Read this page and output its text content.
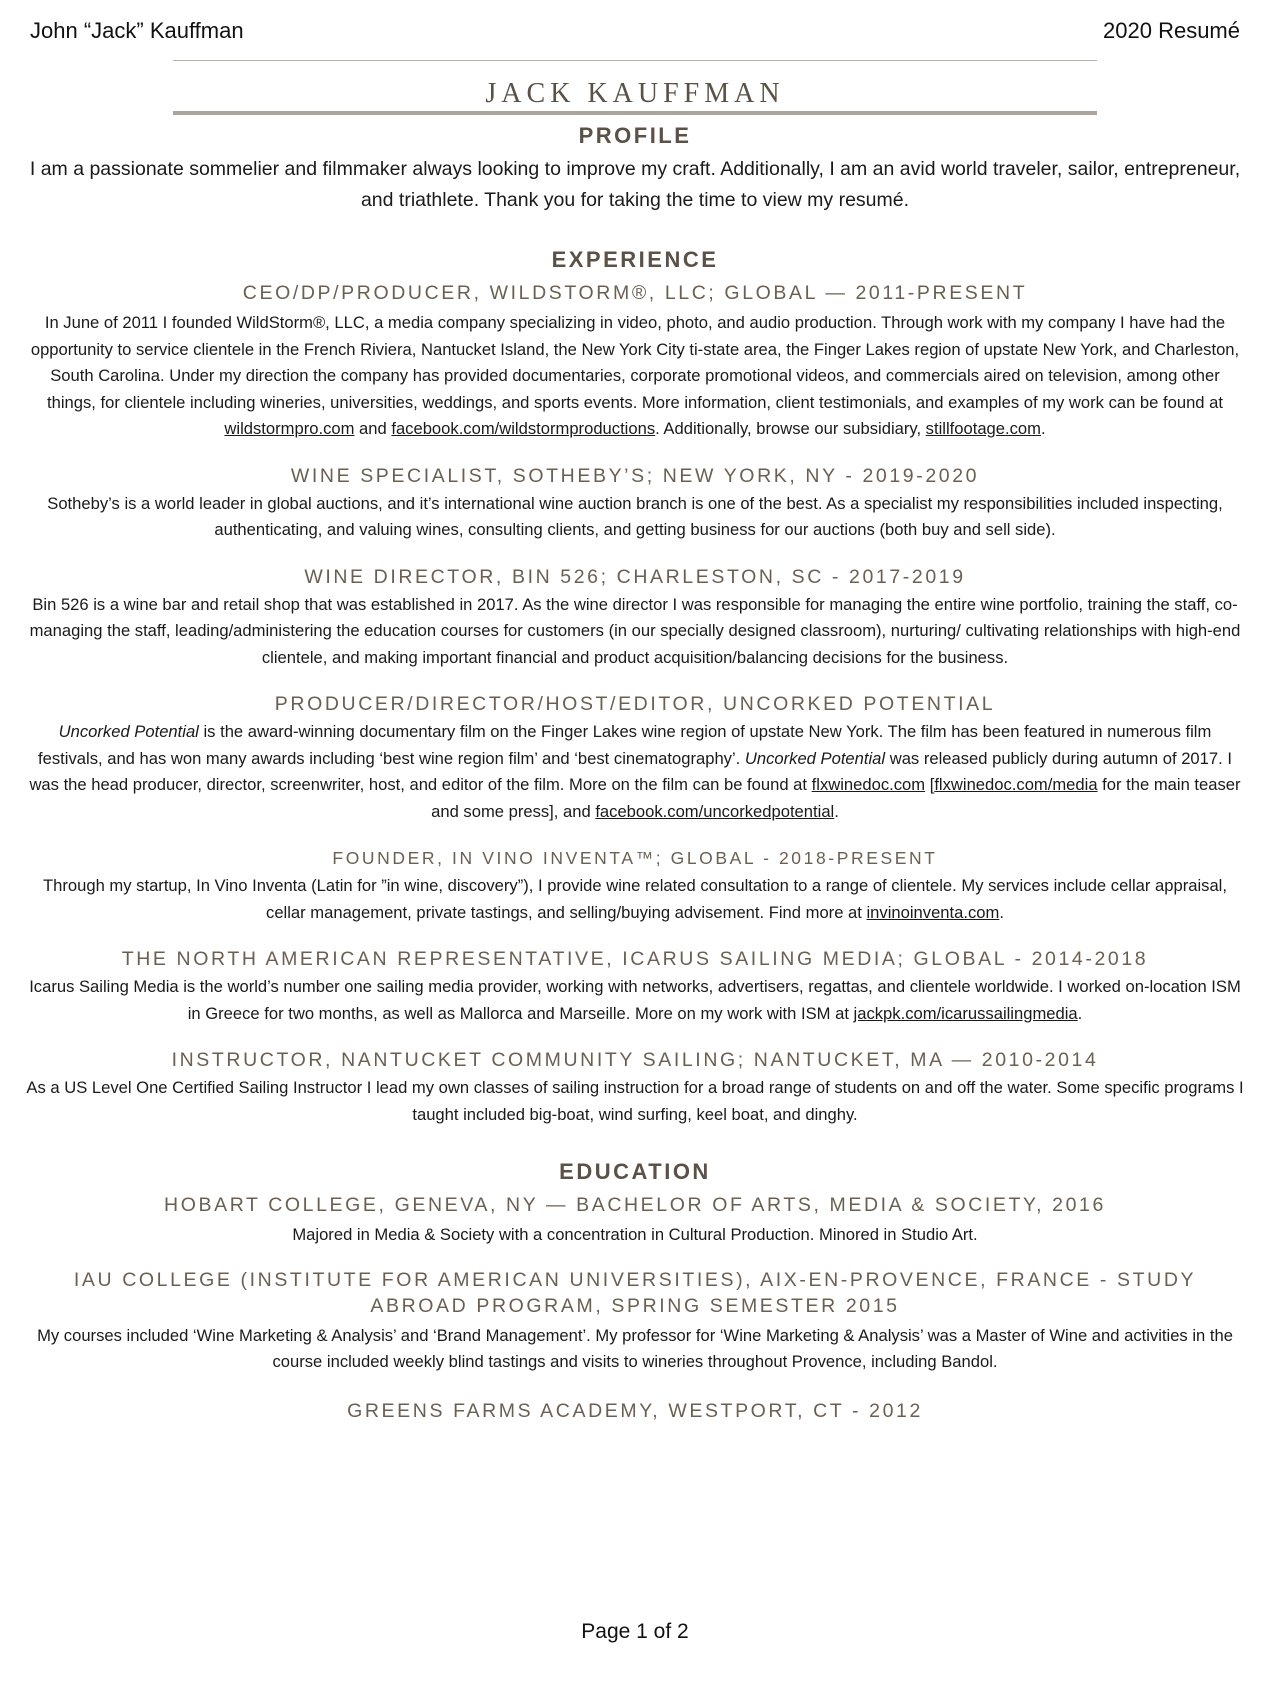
John “Jack” Kauffman	2020 Resumé
JACK KAUFFMAN
PROFILE

I am a passionate sommelier and filmmaker always looking to improve my craft. Additionally, I am an avid world traveler, sailor, entrepreneur, and triathlete. Thank you for taking the time to view my resumé.

EXPERIENCE
CEO/DP/PRODUCER, WILDSTORM®, LLC; GLOBAL — 2011-PRESENT

In June of 2011 I founded WildStorm®, LLC, a media company specializing in video, photo, and audio production. Through work with my company I have had the opportunity to service clientele in the French Riviera, Nantucket Island, the New York City ti-state area, the Finger Lakes region of upstate New York, and Charleston, South Carolina. Under my direction the company has provided documentaries, corporate promotional videos, and commercials aired on television, among other things, for clientele including wineries, universities, weddings, and sports events. More information, client testimonials, and examples of my work can be found at wildstormpro.com and facebook.com/wildstormproductions. Additionally, browse our subsidiary, stillfootage.com.

WINE SPECIALIST, SOTHEBY’S; NEW YORK, NY - 2019-2020

Sotheby’s is a world leader in global auctions, and it’s international wine auction branch is one of the best. As a specialist my responsibilities included inspecting, authenticating, and valuing wines, consulting clients, and getting business for our auctions (both buy and sell side).

WINE DIRECTOR, BIN 526; CHARLESTON, SC - 2017-2019

Bin 526 is a wine bar and retail shop that was established in 2017. As the wine director I was responsible for managing the entire wine portfolio, training the staff, co-managing the staff, leading/administering the education courses for customers (in our specially designed classroom), nurturing/ cultivating relationships with high-end clientele, and making important financial and product acquisition/balancing decisions for the business.

PRODUCER/DIRECTOR/HOST/EDITOR, UNCORKED POTENTIAL

Uncorked Potential is the award-winning documentary film on the Finger Lakes wine region of upstate New York. The film has been featured in numerous film festivals, and has won many awards including ‘best wine region film’ and ‘best cinematography’. Uncorked Potential was released publicly during autumn of 2017. I was the head producer, director, screenwriter, host, and editor of the film. More on the film can be found at flxwinedoc.com [flxwinedoc.com/media for the main teaser and some press], and facebook.com/uncorkedpotential.

FOUNDER, IN VINO INVENTA™; GLOBAL - 2018-PRESENT

Through my startup, In Vino Inventa (Latin for ”in wine, discovery”), I provide wine related consultation to a range of clientele. My services include cellar appraisal, cellar management, private tastings, and selling/buying advisement. Find more at invinoinventa.com.

THE NORTH AMERICAN REPRESENTATIVE, ICARUS SAILING MEDIA; GLOBAL - 2014-2018

Icarus Sailing Media is the world’s number one sailing media provider, working with networks, advertisers, regattas, and clientele worldwide. I worked on-location ISM in Greece for two months, as well as Mallorca and Marseille. More on my work with ISM at jackpk.com/icarussailingmedia.

INSTRUCTOR, NANTUCKET COMMUNITY SAILING; NANTUCKET, MA — 2010-2014

As a US Level One Certified Sailing Instructor I lead my own classes of sailing instruction for a broad range of students on and off the water. Some specific programs I taught included big-boat, wind surfing, keel boat, and dinghy.

EDUCATION
HOBART COLLEGE, GENEVA, NY — BACHELOR OF ARTS, MEDIA & SOCIETY, 2016

Majored in Media & Society with a concentration in Cultural Production. Minored in Studio Art.

IAU COLLEGE (INSTITUTE FOR AMERICAN UNIVERSITIES), AIX-EN-PROVENCE, FRANCE - STUDY ABROAD PROGRAM, SPRING SEMESTER 2015

My courses included ‘Wine Marketing & Analysis’ and ‘Brand Management’. My professor for ‘Wine Marketing & Analysis’ was a Master of Wine and activities in the course included weekly blind tastings and visits to wineries throughout Provence, including Bandol.

GREENS FARMS ACADEMY, WESTPORT, CT - 2012
Page 1 of 2
